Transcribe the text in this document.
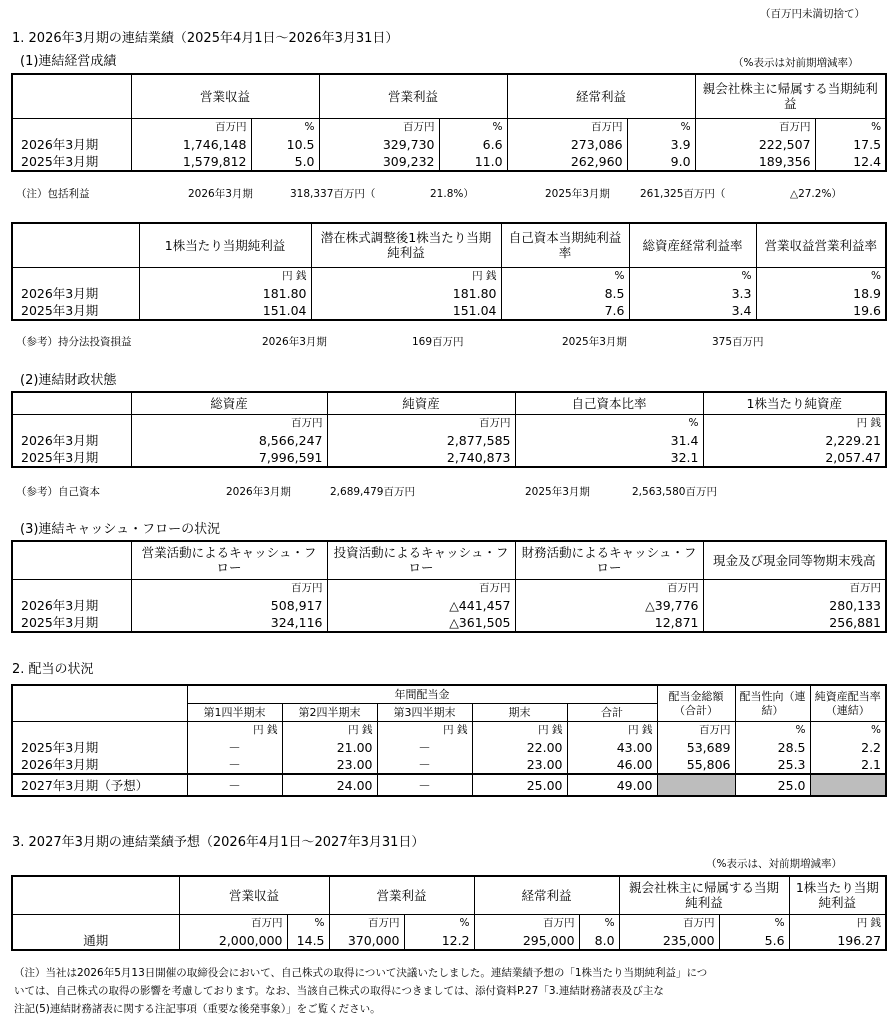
（百万円未満切捨て）
1. 2026年3月期の連結業績（2025年4月1日～2026年3月31日）
(1)連結経営成績	（%表示は対前期増減率）
	営業収益		営業利益		経常利益		親会社株主に帰属する当期純利益	
	百万円	%	百万円	%	百万円	%	百万円	%
2026年3月期	1,746,148	10.5	329,730	6.6	273,086	3.9	222,507	17.5
2025年3月期	1,579,812	5.0	309,232	11.0	262,960	9.0	189,356	12.4
（注）包括利益	2026年3月期	318,337百万円（	21.8%）	2025年3月期	261,325百万円（	△27.2%）
	1株当たり当期純利益	潜在株式調整後1株当たり当期純利益	自己資本当期純利益率	総資産経常利益率	営業収益営業利益率
	円 銭	円 銭	%	%	%
2026年3月期	181.80	181.80	8.5	3.3	18.9
2025年3月期	151.04	151.04	7.6	3.4	19.6
（参考）持分法投資損益	2026年3月期	169百万円	2025年3月期	375百万円
(2)連結財政状態
	総資産	純資産	自己資本比率	1株当たり純資産
	百万円	百万円	%	円 銭
2026年3月期	8,566,247	2,877,585	31.4	2,229.21
2025年3月期	7,996,591	2,740,873	32.1	2,057.47
（参考）自己資本	2026年3月期	2,689,479百万円	2025年3月期	2,563,580百万円
(3)連結キャッシュ・フローの状況
	営業活動によるキャッシュ・フロー	投資活動によるキャッシュ・フロー	財務活動によるキャッシュ・フロー	現金及び現金同等物期末残高
	百万円	百万円	百万円	百万円
2026年3月期	508,917	△441,457	△39,776	280,133
2025年3月期	324,116	△361,505	12,871	256,881
2. 配当の状況
	年間配当金					配当金総額（合計）	配当性向（連結）	純資産配当率（連結）
	第1四半期末	第2四半期末	第3四半期末	期末	合計			
	円 銭	円 銭	円 銭	円 銭	円 銭	百万円	%	%
2025年3月期	－	21.00	－	22.00	43.00	53,689	28.5	2.2
2026年3月期	－	23.00	－	23.00	46.00	55,806	25.3	2.1
2027年3月期（予想）	－	24.00	－	25.00	49.00		25.0	
3. 2027年3月期の連結業績予想（2026年4月1日～2027年3月31日）
（%表示は、対前期増減率）
	営業収益		営業利益		経常利益		親会社株主に帰属する当期純利益		1株当たり当期純利益
	百万円	%	百万円	%	百万円	%	百万円	%	円 銭
通期	2,000,000	14.5	370,000	12.2	295,000	8.0	235,000	5.6	196.27
（注）当社は2026年5月13日開催の取締役会において、自己株式の取得について決議いたしました。連結業績予想の「1株当たり当期純利益」につ
いては、自己株式の取得の影響を考慮しております。なお、当該自己株式の取得につきましては、添付資料P.27「3.連結財務諸表及び主な
注記(5)連結財務諸表に関する注記事項（重要な後発事象）」をご覧ください。
